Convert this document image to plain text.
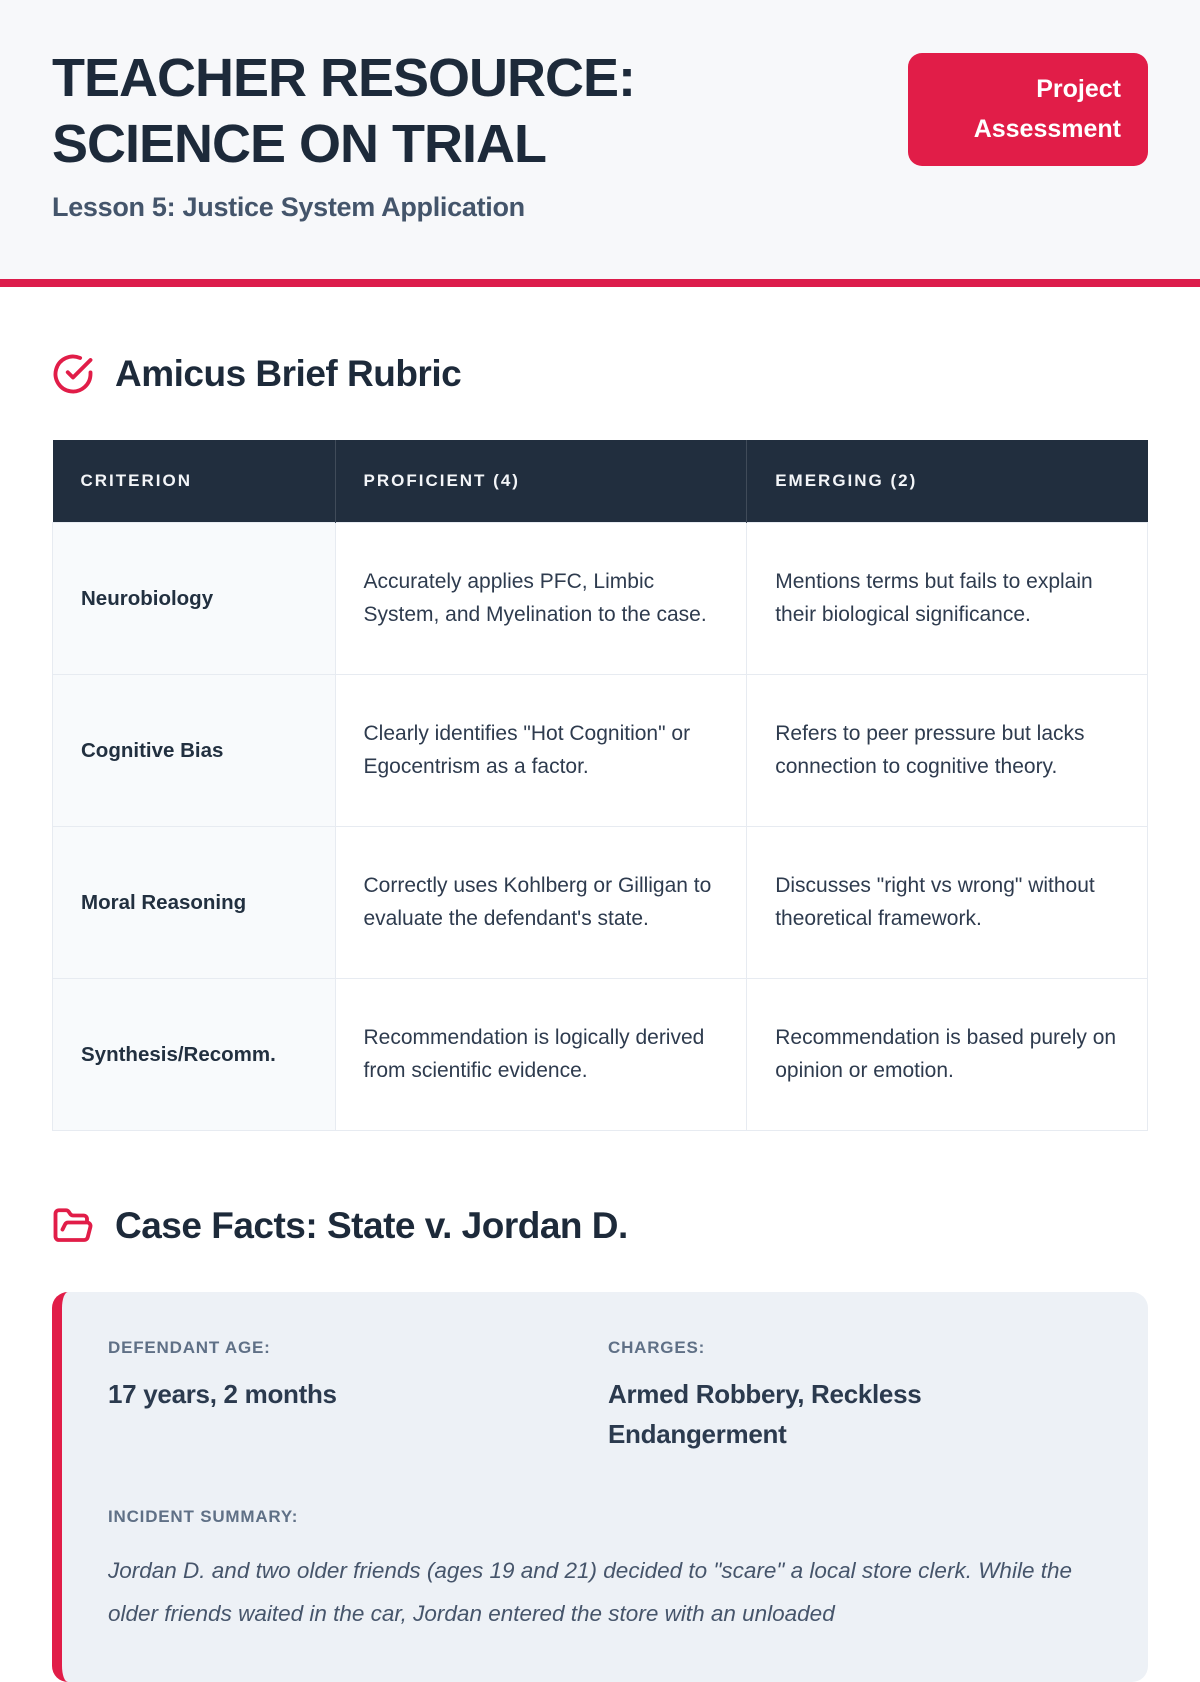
TEACHER RESOURCE: SCIENCE ON TRIAL
Lesson 5: Justice System Application
Project Assessment
Amicus Brief Rubric
CRITERION	PROFICIENT (4)	EMERGING (2)
Neurobiology	Accurately applies PFC, Limbic System, and Myelination to the case.	Mentions terms but fails to explain their biological significance.
Cognitive Bias	Clearly identifies "Hot Cognition" or Egocentrism as a factor.	Refers to peer pressure but lacks connection to cognitive theory.
Moral Reasoning	Correctly uses Kohlberg or Gilligan to evaluate the defendant's state.	Discusses "right vs wrong" without theoretical framework.
Synthesis/Recomm.	Recommendation is logically derived from scientific evidence.	Recommendation is based purely on opinion or emotion.
Case Facts: State v. Jordan D.
DEFENDANT AGE:
17 years, 2 months
CHARGES:
Armed Robbery, Reckless Endangerment
INCIDENT SUMMARY:
Jordan D. and two older friends (ages 19 and 21) decided to "scare" a local store clerk. While the older friends waited in the car, Jordan entered the store with an unloaded
